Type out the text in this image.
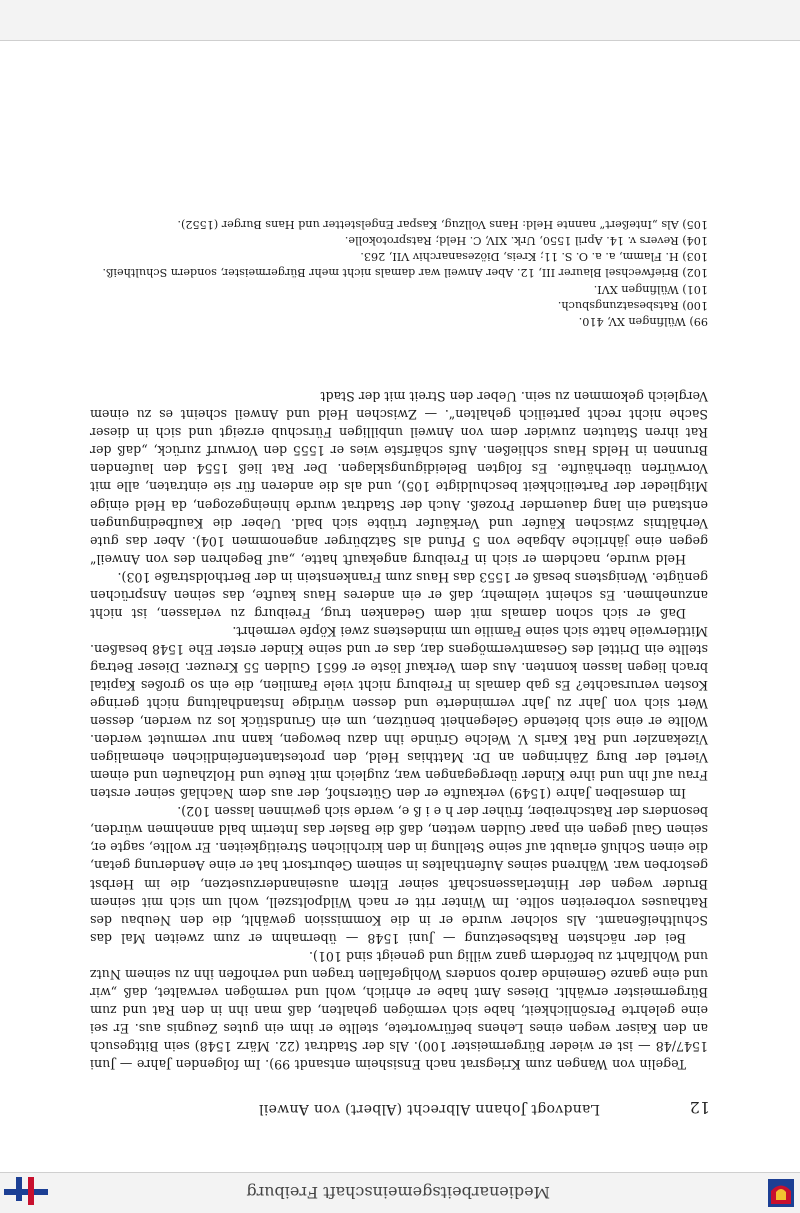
Medienarbeitsgemeinschaft Freiburg
12
Landvogt Johann Albrecht (Albert) von Anweil

Tegelin von Wangen zum Kriegsrat nach Ensisheim entsandt 99). Im folgenden Jahre — Juni 1547/48 — ist er wieder Bürgermeister 100). Als der Stadtrat (22. März 1548) sein Bittgesuch an den Kaiser wegen eines Lehens befürwortete, stellte er ihm ein gutes Zeugnis aus. Er sei eine gelehrte Persönlichkeit, habe sich vermögen gehalten, daß man ihn in den Rat und zum Bürgermeister erwählt. Dieses Amt habe er ehrlich, wohl und vermögen verwaltet, daß „wir und eine ganze Gemeinde darob sonders Wohlgefallen tragen und verhoffen ihn zu seinem Nutz und Wohlfahrt zu befördern ganz willig und geneigt sind 101).

Bei der nächsten Ratsbesetzung — Juni 1548 — übernahm er zum zweiten Mal das Schultheißenamt. Als solcher wurde er in die Kommission gewählt, die den Neubau des Rathauses vorbereiten sollte. Im Winter ritt er nach Wildpoltszell, wohl um sich mit seinem Bruder wegen der Hinterlassenschaft seiner Eltern auseinanderzusetzen, die im Herbst gestorben war. Während seines Aufenthaltes in seinem Geburtsort hat er eine Aenderung getan, die einen Schluß erlaubt auf seine Stellung in den kirchlichen Streitigkeiten. Er wollte, sagte er, seinen Gaul gegen ein paar Gulden wetten, daß die Basler das Interim bald annehmen würden, besonders der Ratschreiber, früher der h e i ß e, werde sich gewinnen lassen 102).

Im demselben Jahre (1549) verkaufte er den Gütershof, der aus dem Nachlaß seiner ersten Frau auf ihn und ihre Kinder übergegangen war, zugleich mit Reute und Holzhaufen und einem Viertel der Burg Zähringen an Dr. Matthias Held, den protestantenfeindlichen ehemaligen Vizekanzler und Rat Karls V. Welche Gründe ihn dazu bewogen, kann nur vermutet werden. Wollte er eine sich bietende Gelegenheit benützen, um ein Grundstück los zu werden, dessen Wert sich von Jahr zu Jahr verminderte und dessen würdige Instandhaltung nicht geringe Kosten verursachte? Es gab damals in Freiburg nicht viele Familien, die ein so großes Kapital brach liegen lassen konnten. Aus dem Verkauf löste er 6651 Gulden 55 Kreuzer. Dieser Betrag stellte ein Drittel des Gesamtvermögens dar, das er und seine Kinder erster Ehe 1548 besaßen. Mittlerweile hatte sich seine Familie um mindestens zwei Köpfe vermehrt.

Daß er sich schon damals mit dem Gedanken trug, Freiburg zu verlassen, ist nicht anzunehmen. Es scheint vielmehr, daß er ein anderes Haus kaufte, das seinen Ansprüchen genügte. Wenigstens besaß er 1553 das Haus zum Frankenstein in der Bertholdstraße 103).

Held wurde, nachdem er sich in Freiburg angekauft hatte, „auf Begehren des von Anweil“ gegen eine jährliche Abgabe von 5 Pfund als Satzbürger angenommen 104). Aber das gute Verhältnis zwischen Käufer und Verkäufer trübte sich bald. Ueber die Kaufbedingungen entstand ein lang dauernder Prozeß. Auch der Stadtrat wurde hineingezogen, da Held einige Mitglieder der Parteilichkeit beschuldigte 105), und als die anderen für sie eintraten, alle mit Vorwürfen überhäufte. Es folgten Beleidigungsklagen. Der Rat ließ 1554 den laufenden Brunnen in Helds Haus schließen. Aufs schärfste wies er 1555 den Vorwurf zurück, „daß der Rat ihren Statuten zuwider dem von Anweil unbilligen Fürschub erzeigt und sich in dieser Sache nicht recht parteilich gehalten“. — Zwischen Held und Anweil scheint es zu einem Vergleich gekommen zu sein. Ueber den Streit mit der Stadt

99) Wülfingen XV, 410.
100) Ratsbesatzungsbuch.
101) Wülfingen XVI.
102) Briefwechsel Blaurer III, 12. Aber Anweil war damals nicht mehr Bürgermeister, sondern Schultheiß.
103) H. Flamm, a. a. O. S. 11; Kreis, Diözesanarchiv VII, 263.
104) Revers v. 14. April 1550, Urk. XIV, C. Held; Ratsprotokolle.
105) Als „Inteßert“ nannte Held: Hans Vollzug, Kaspar Engelstetter und Hans Burger (1552).
